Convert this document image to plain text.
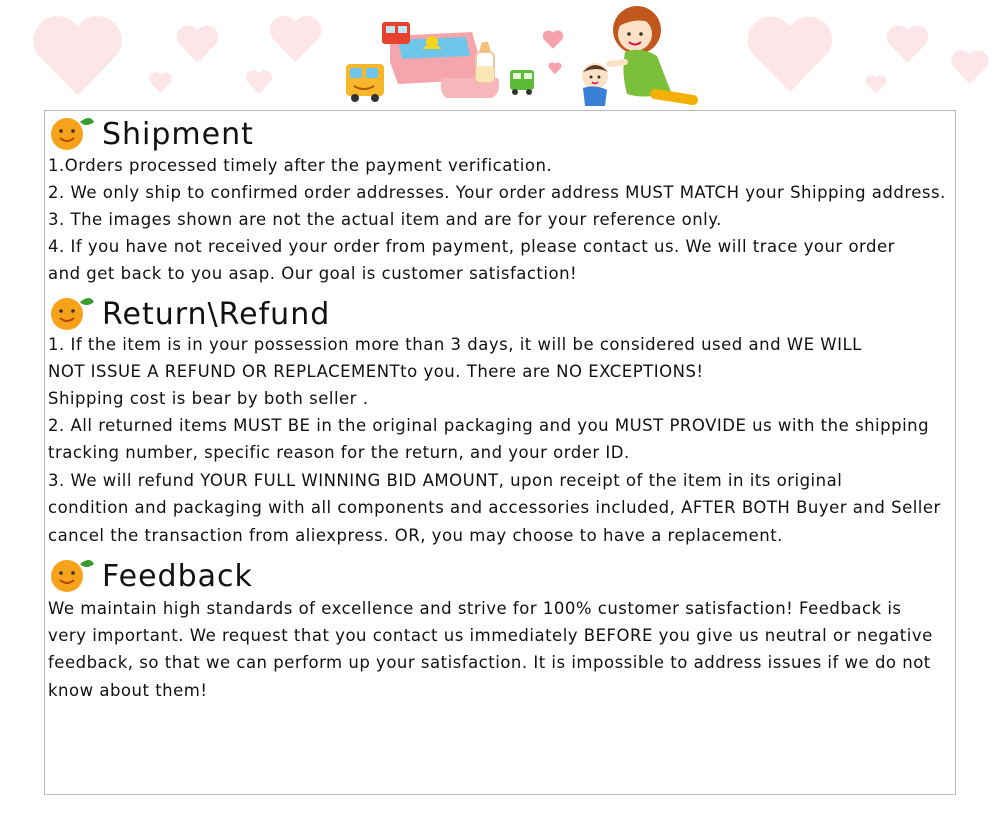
Shipment
1.Orders processed timely after the payment verification.
2. We only ship to confirmed order addresses. Your order address MUST MATCH your Shipping address.
3. The images shown are not the actual item and are for your reference only.
4. If you have not received your order from payment, please contact us. We will trace your order
and get back to you asap. Our goal is customer satisfaction!
Return\Refund
1. If the item is in your possession more than 3 days, it will be considered used and WE WILL
NOT ISSUE A REFUND OR REPLACEMENTto you. There are NO EXCEPTIONS!
Shipping cost is bear by both seller .
2. All returned items MUST BE in the original packaging and you MUST PROVIDE us with the shipping
tracking number, specific reason for the return, and your order ID.
3. We will refund YOUR FULL WINNING BID AMOUNT, upon receipt of the item in its original
condition and packaging with all components and accessories included, AFTER BOTH Buyer and Seller
cancel the transaction from aliexpress. OR, you may choose to have a replacement.
Feedback
We maintain high standards of excellence and strive for 100% customer satisfaction! Feedback is
very important. We request that you contact us immediately BEFORE you give us neutral or negative
feedback, so that we can perform up your satisfaction. It is impossible to address issues if we do not
know about them!
